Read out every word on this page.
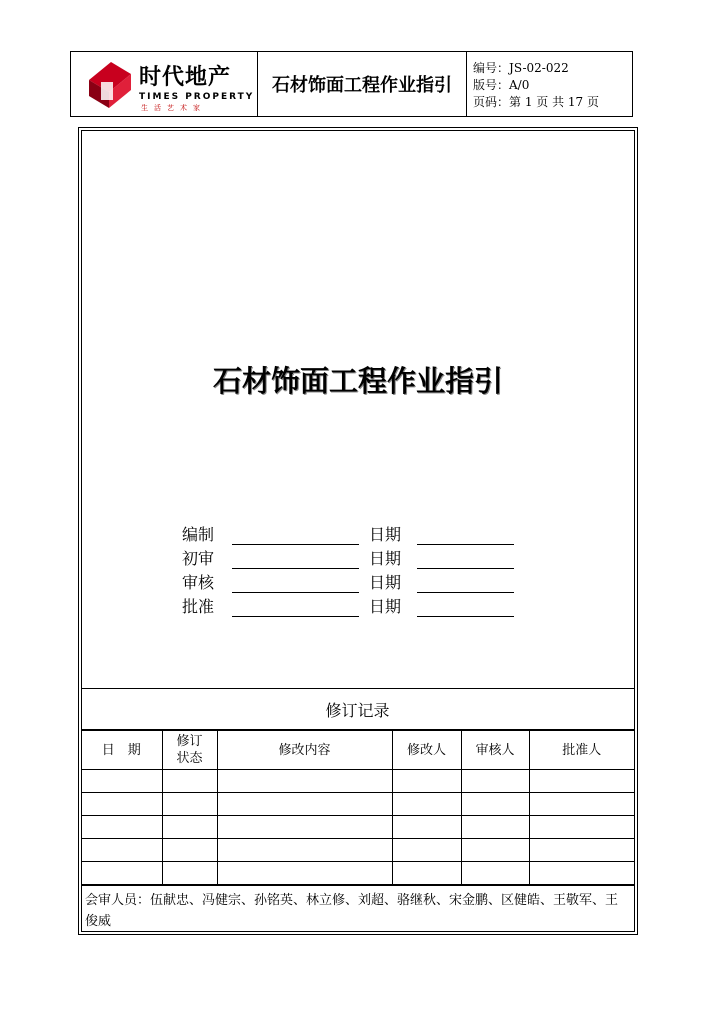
时代地产
TIMES PROPERTY
生活艺术家
石材饰面工程作业指引
编号：JS-02-022
版号：A/0
页码：第 1 页 共 17 页
石材饰面工程作业指引
编制	日期
初审	日期
审核	日期
批准	日期
修订记录
日　期	修订状态	修改内容	修改人	审核人	批准人

会审人员：伍献忠、冯健宗、孙铭英、林立修、刘超、骆继秋、宋金鹏、区健皓、王敬军、王俊威
